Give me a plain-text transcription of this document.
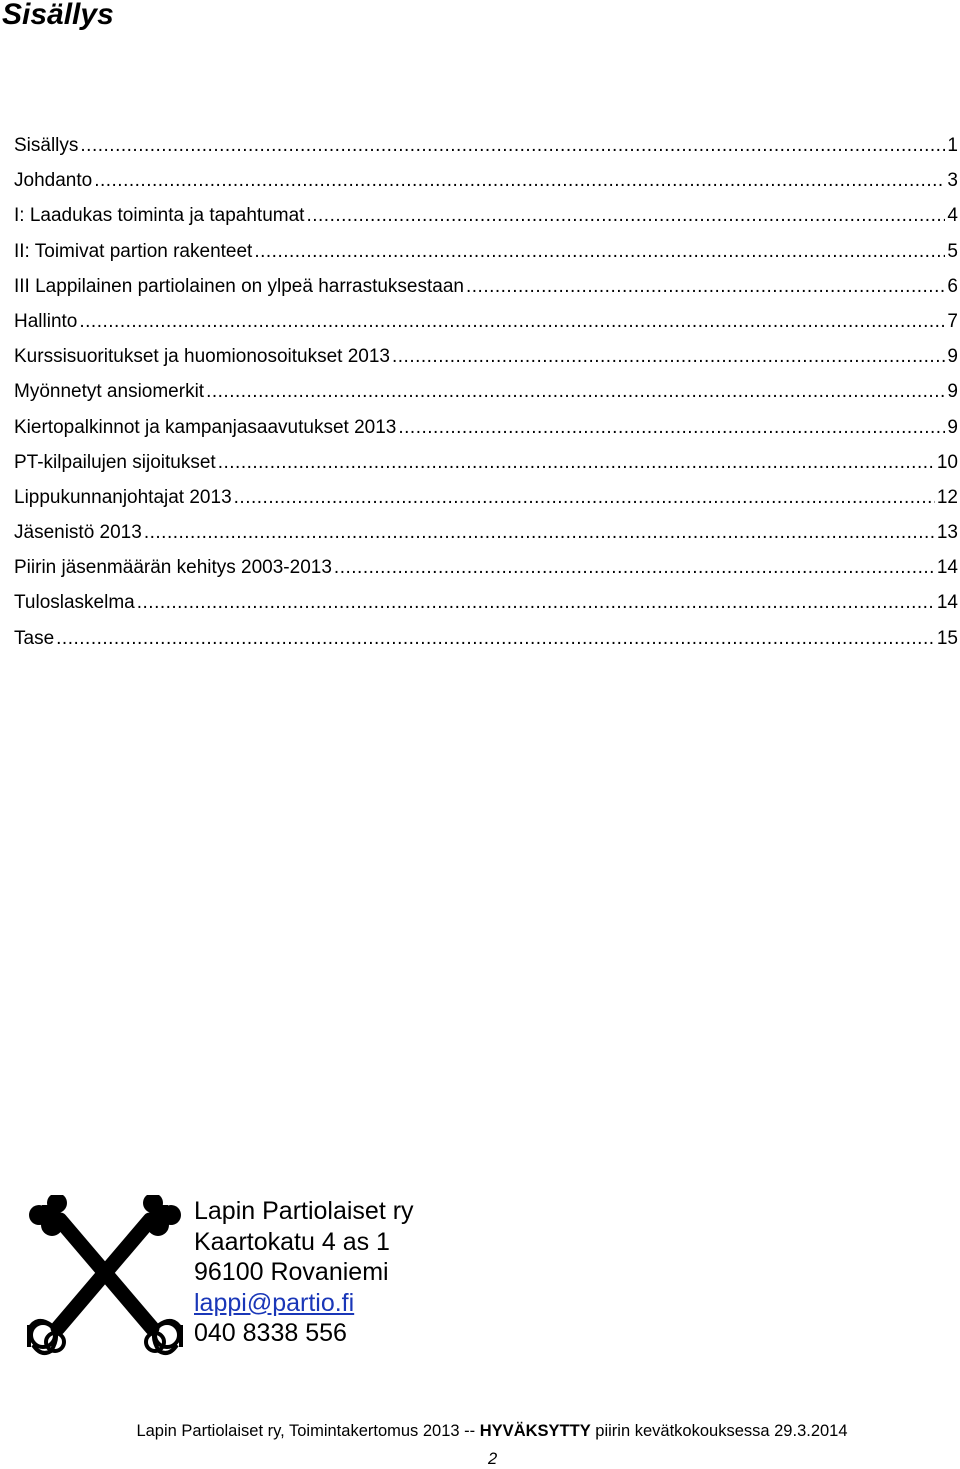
Sisällys
Sisällys .....	1
Johdanto .....	3
I: Laadukas toiminta ja tapahtumat .....	4
II: Toimivat partion rakenteet .....	5
III Lappilainen partiolainen on ylpeä harrastuksestaan .....	6
Hallinto .....	7
Kurssisuoritukset ja huomionosoitukset 2013 .....	9
Myönnetyt ansiomerkit .....	9
Kiertopalkinnot ja kampanjasaavutukset 2013 .....	9
PT-kilpailujen sijoitukset .....	10
Lippukunnanjohtajat 2013 .....	12
Jäsenistö 2013 .....	13
Piirin jäsenmäärän kehitys 2003-2013 .....	14
Tuloslaskelma .....	14
Tase .....	15
Lapin Partiolaiset ry
Kaartokatu 4 as 1
96100 Rovaniemi
lappi@partio.fi
040 8338 556
Lapin Partiolaiset ry, Toimintakertomus 2013 -- HYVÄKSYTTY piirin kevätkokouksessa 29.3.2014
2
